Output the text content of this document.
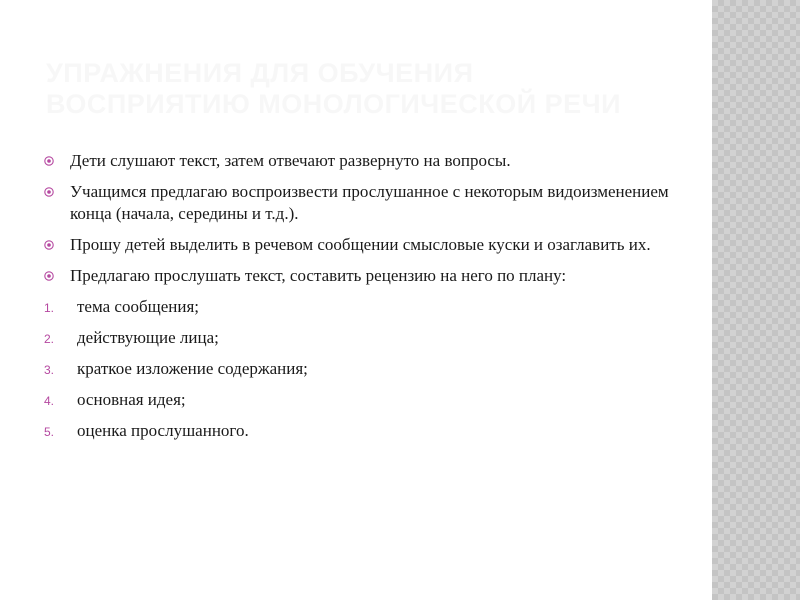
УПРАЖНЕНИЯ ДЛЯ ОБУЧЕНИЯ
ВОСПРИЯТИЮ МОНОЛОГИЧЕСКОЙ РЕЧИ
Дети слушают текст, затем отвечают развернуто на вопросы.
Учащимся предлагаю воспроизвести прослушанное с некоторым видоизменением конца (начала, середины и т.д.).
Прошу детей выделить в речевом сообщении смысловые куски и озаглавить их.
Предлагаю прослушать текст, составить рецензию на него по плану:
1. тема сообщения;
2. действующие лица;
3. краткое изложение содержания;
4. основная идея;
5. оценка прослушанного.
